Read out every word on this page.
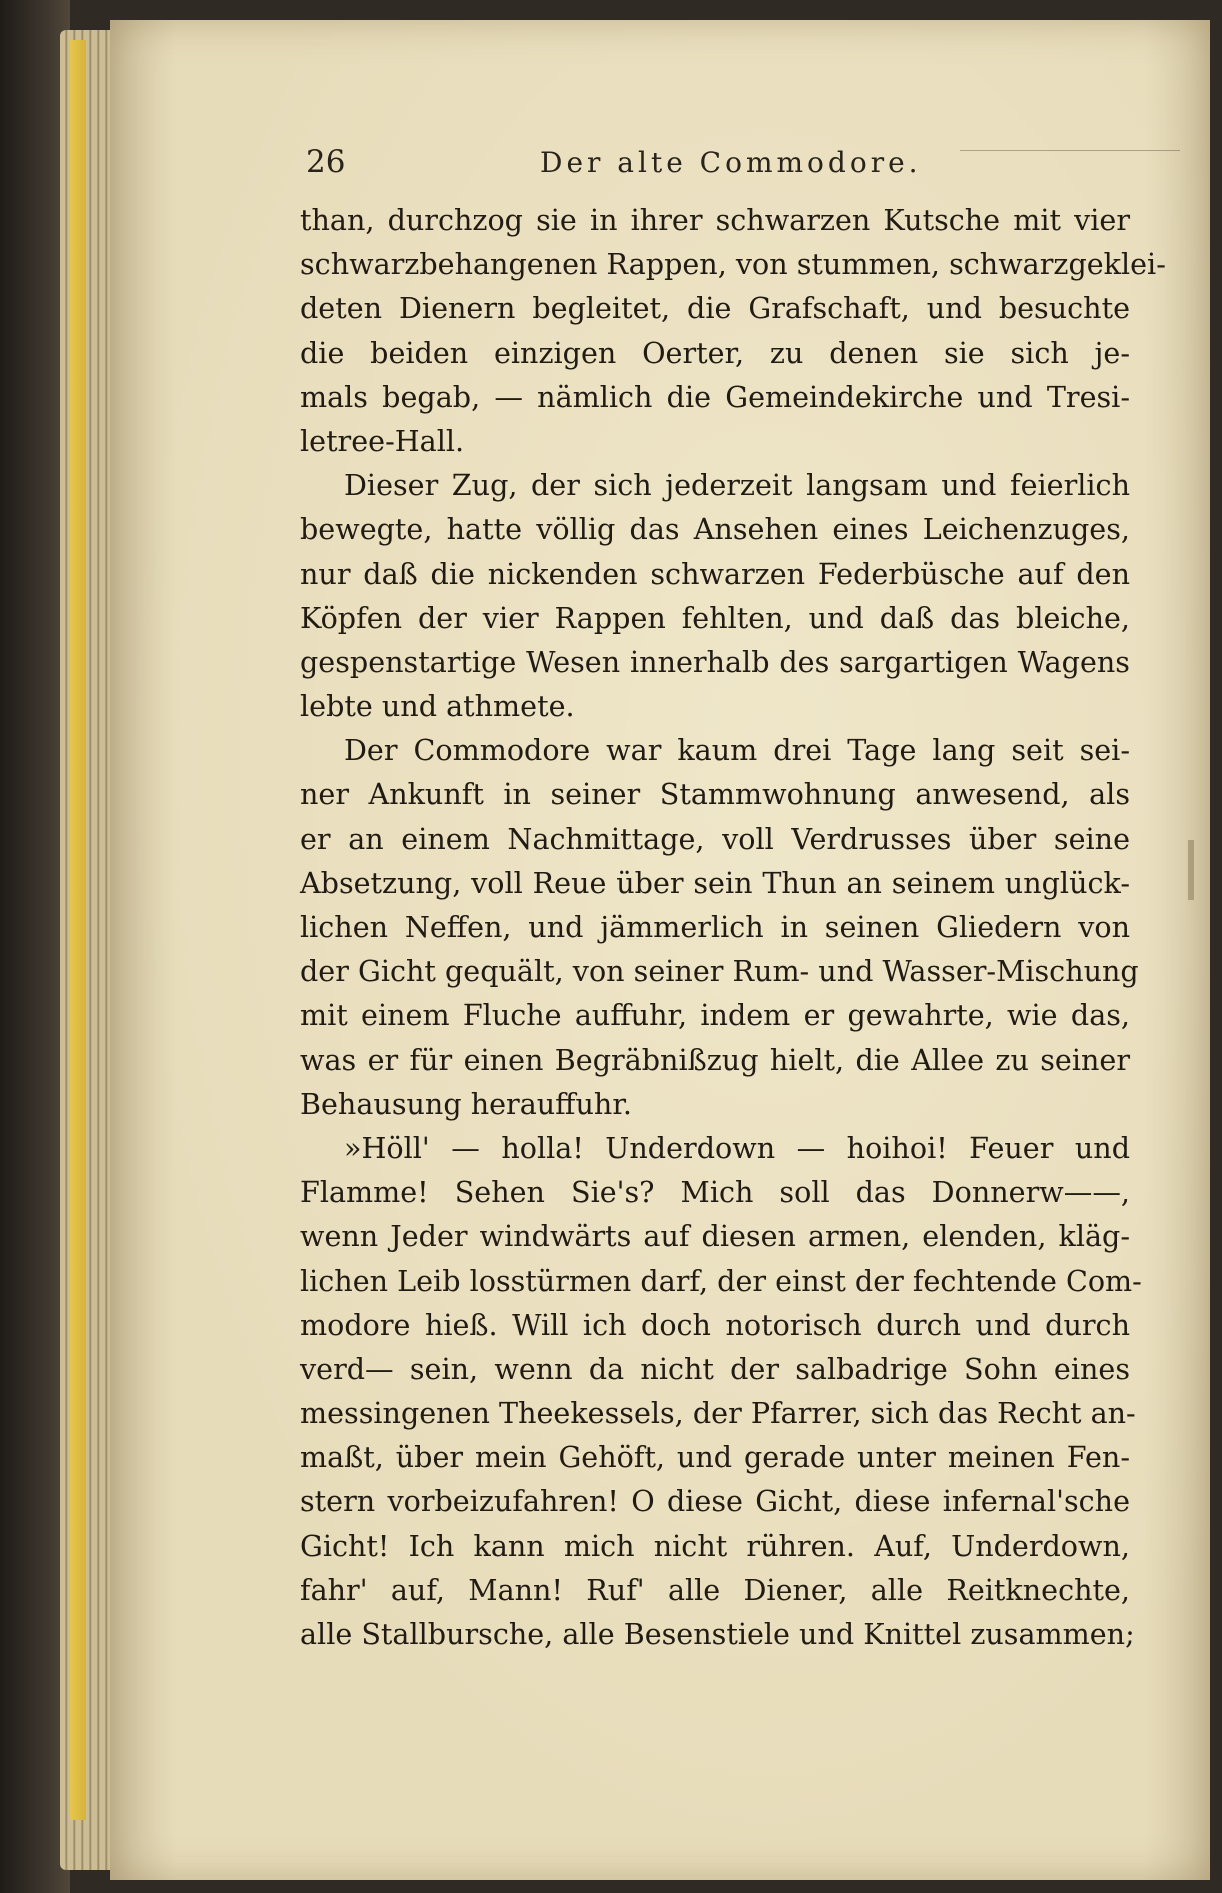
26	Der alte Commodore.
than, durchzog sie in ihrer schwarzen Kutsche mit vier
schwarzbehangenen Rappen, von stummen, schwarzgeklei-
deten Dienern begleitet, die Grafschaft, und besuchte
die beiden einzigen Oerter, zu denen sie sich je-
mals begab, — nämlich die Gemeindekirche und Tresi-
letree-Hall.
Dieser Zug, der sich jederzeit langsam und feierlich
bewegte, hatte völlig das Ansehen eines Leichenzuges,
nur daß die nickenden schwarzen Federbüsche auf den
Köpfen der vier Rappen fehlten, und daß das bleiche,
gespenstartige Wesen innerhalb des sargartigen Wagens
lebte und athmete.
Der Commodore war kaum drei Tage lang seit sei-
ner Ankunft in seiner Stammwohnung anwesend, als
er an einem Nachmittage, voll Verdrusses über seine
Absetzung, voll Reue über sein Thun an seinem unglück-
lichen Neffen, und jämmerlich in seinen Gliedern von
der Gicht gequält, von seiner Rum- und Wasser-Mischung
mit einem Fluche auffuhr, indem er gewahrte, wie das,
was er für einen Begräbnißzug hielt, die Allee zu seiner
Behausung herauffuhr.
»Höll' — holla! Underdown — hoihoi! Feuer und
Flamme! Sehen Sie's? Mich soll das Donnerw——,
wenn Jeder windwärts auf diesen armen, elenden, kläg-
lichen Leib losstürmen darf, der einst der fechtende Com-
modore hieß. Will ich doch notorisch durch und durch
verd— sein, wenn da nicht der salbadrige Sohn eines
messingenen Theekessels, der Pfarrer, sich das Recht an-
maßt, über mein Gehöft, und gerade unter meinen Fen-
stern vorbeizufahren! O diese Gicht, diese infernal'sche
Gicht! Ich kann mich nicht rühren. Auf, Underdown,
fahr' auf, Mann! Ruf' alle Diener, alle Reitknechte,
alle Stallbursche, alle Besenstiele und Knittel zusammen;
